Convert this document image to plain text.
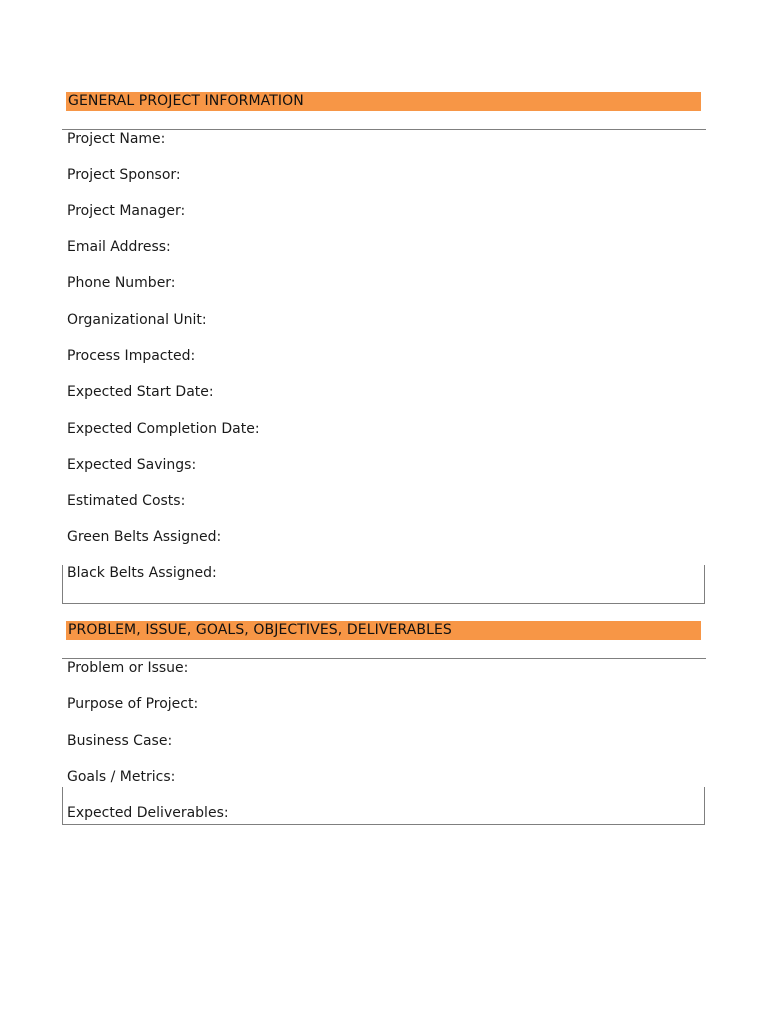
GENERAL PROJECT INFORMATION
Project Name:
Project Sponsor:
Project Manager:
Email Address:
Phone Number:
Organizational Unit:
Process Impacted:
Expected Start Date:
Expected Completion Date:
Expected Savings:
Estimated Costs:
Green Belts Assigned:
Black Belts Assigned:
PROBLEM, ISSUE, GOALS, OBJECTIVES, DELIVERABLES
Problem or Issue:
Purpose of Project:
Business Case:
Goals / Metrics:
Expected Deliverables:
